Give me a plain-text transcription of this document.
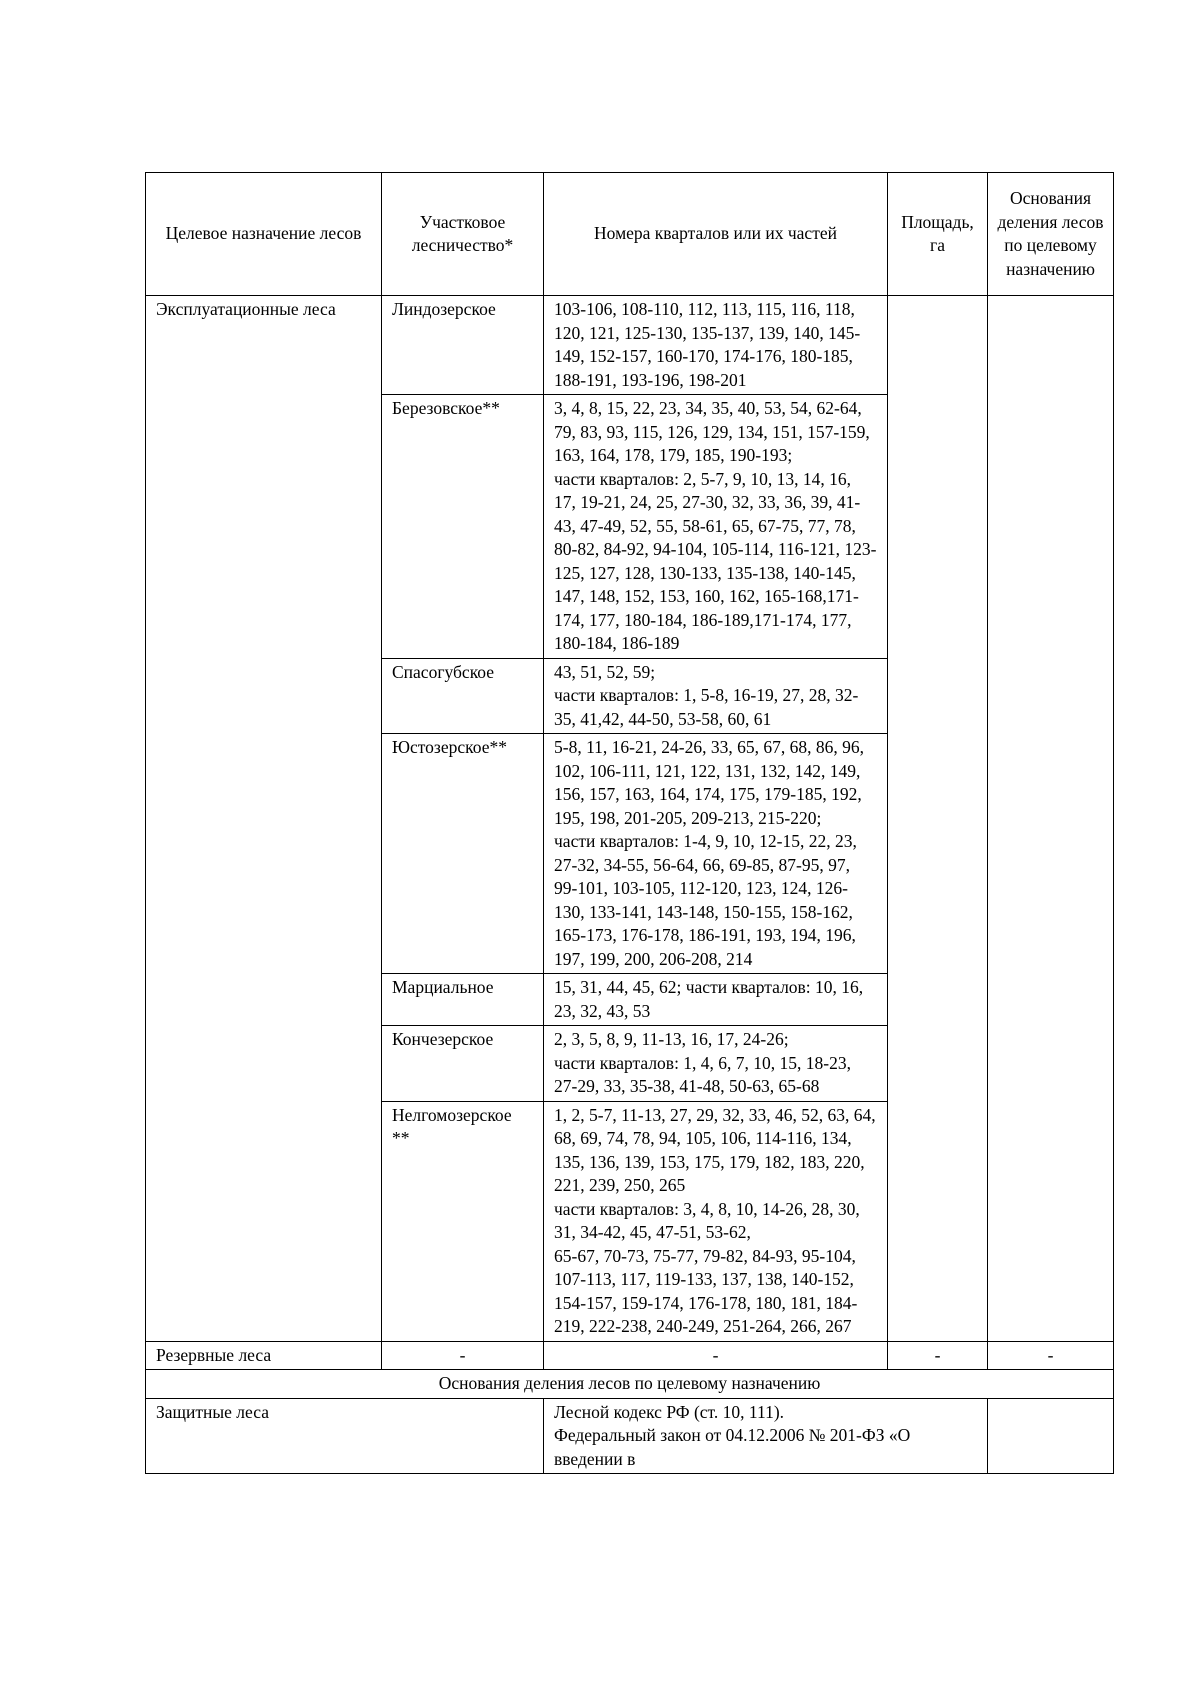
Целевое назначение лесов	Участковое лесничество*	Номера кварталов или их частей	Площадь, га	Основания деления лесов по целевому назначению
Эксплуатационные леса	Линдозерское	103-106, 108-110, 112, 113, 115, 116, 118, 120, 121, 125-130, 135-137, 139, 140, 145-149, 152-157, 160-170, 174-176, 180-185, 188-191, 193-196, 198-201		
	Березовское**	3, 4, 8, 15, 22, 23, 34, 35, 40, 53, 54, 62-64, 79, 83, 93, 115, 126, 129, 134, 151, 157-159, 163, 164, 178, 179, 185, 190-193;
части кварталов: 2, 5-7, 9, 10, 13, 14, 16, 17, 19-21, 24, 25, 27-30, 32, 33, 36, 39, 41-43, 47-49, 52, 55, 58-61, 65, 67-75, 77, 78, 80-82, 84-92, 94-104, 105-114, 116-121, 123-125, 127, 128, 130-133, 135-138, 140-145, 147, 148, 152, 153, 160, 162, 165-168,171-174, 177, 180-184, 186-189,171-174, 177, 180-184, 186-189		
	Спасогубское	43, 51, 52, 59;
части кварталов: 1, 5-8, 16-19, 27, 28, 32-35, 41,42, 44-50, 53-58, 60, 61		
	Юстозерское**	5-8, 11, 16-21, 24-26, 33, 65, 67, 68, 86, 96, 102, 106-111, 121, 122, 131, 132, 142, 149, 156, 157, 163, 164, 174, 175, 179-185, 192, 195, 198, 201-205, 209-213, 215-220;
части кварталов: 1-4, 9, 10, 12-15, 22, 23, 27-32, 34-55, 56-64, 66, 69-85, 87-95, 97, 99-101, 103-105, 112-120, 123, 124, 126-130, 133-141, 143-148, 150-155, 158-162, 165-173, 176-178, 186-191, 193, 194, 196, 197, 199, 200, 206-208, 214		
	Марциальное	15, 31, 44, 45, 62; части кварталов: 10, 16, 23, 32, 43, 53		
	Кончезерское	2, 3, 5, 8, 9, 11-13, 16, 17, 24-26;
части кварталов: 1, 4, 6, 7, 10, 15, 18-23, 27-29, 33, 35-38, 41-48, 50-63, 65-68		
	Нелгомозерское **	1, 2, 5-7, 11-13, 27, 29, 32, 33, 46, 52, 63, 64, 68, 69, 74, 78, 94, 105, 106, 114-116, 134, 135, 136, 139, 153, 175, 179, 182, 183, 220, 221, 239, 250, 265
части кварталов: 3, 4, 8, 10, 14-26, 28, 30, 31, 34-42, 45, 47-51, 53-62,
65-67, 70-73, 75-77, 79-82, 84-93, 95-104, 107-113, 117, 119-133, 137, 138, 140-152, 154-157, 159-174, 176-178, 180, 181, 184-219, 222-238, 240-249, 251-264, 266, 267		
Резервные леса	-	-	-	-
Основания деления лесов по целевому назначению				
Защитные леса		Лесной кодекс РФ (ст. 10, 111).
Федеральный закон от 04.12.2006 № 201-ФЗ «О введении в		
